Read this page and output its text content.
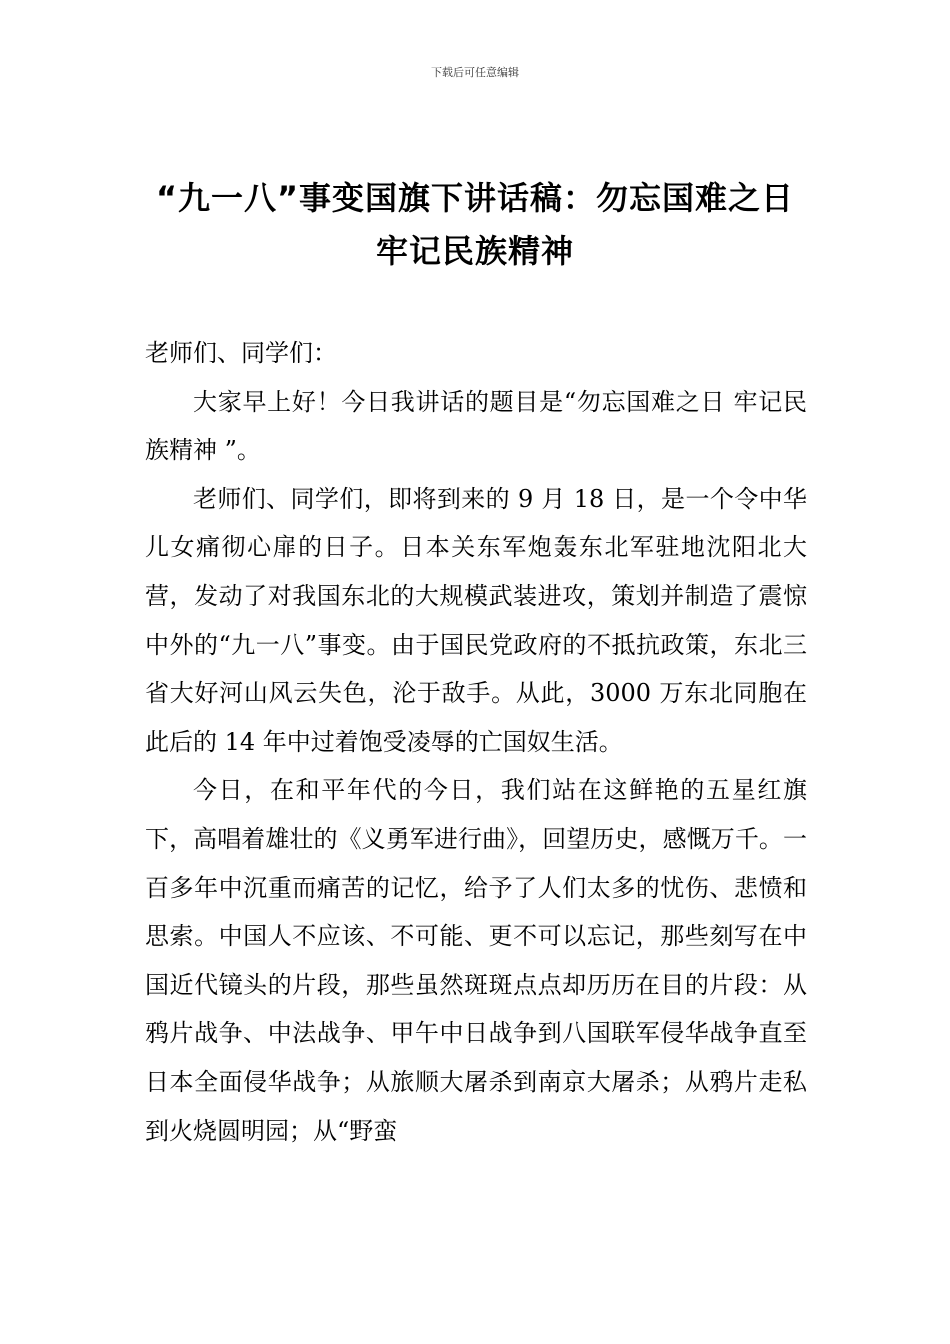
下载后可任意编辑
“九一八”事变国旗下讲话稿：勿忘国难之日牢记民族精神

老师们、同学们：

大家早上好！今日我讲话的题目是“勿忘国难之日 牢记民族精神 ”。

老师们、同学们，即将到来的 9 月 18 日，是一个令中华儿女痛彻心扉的日子。日本关东军炮轰东北军驻地沈阳北大营，发动了对我国东北的大规模武装进攻，策划并制造了震惊中外的“九一八”事变。由于国民党政府的不抵抗政策，东北三省大好河山风云失色，沦于敌手。从此，3000 万东北同胞在此后的 14 年中过着饱受凌辱的亡国奴生活。

今日，在和平年代的今日，我们站在这鲜艳的五星红旗下，高唱着雄壮的《义勇军进行曲》，回望历史，感慨万千。一百多年中沉重而痛苦的记忆，给予了人们太多的忧伤、悲愤和思索。中国人不应该、不可能、更不可以忘记，那些刻写在中国近代镜头的片段，那些虽然斑斑点点却历历在目的片段：从鸦片战争、中法战争、甲午中日战争到八国联军侵华战争直至日本全面侵华战争；从旅顺大屠杀到南京大屠杀；从鸦片走私到火烧圆明园；从“野蛮
